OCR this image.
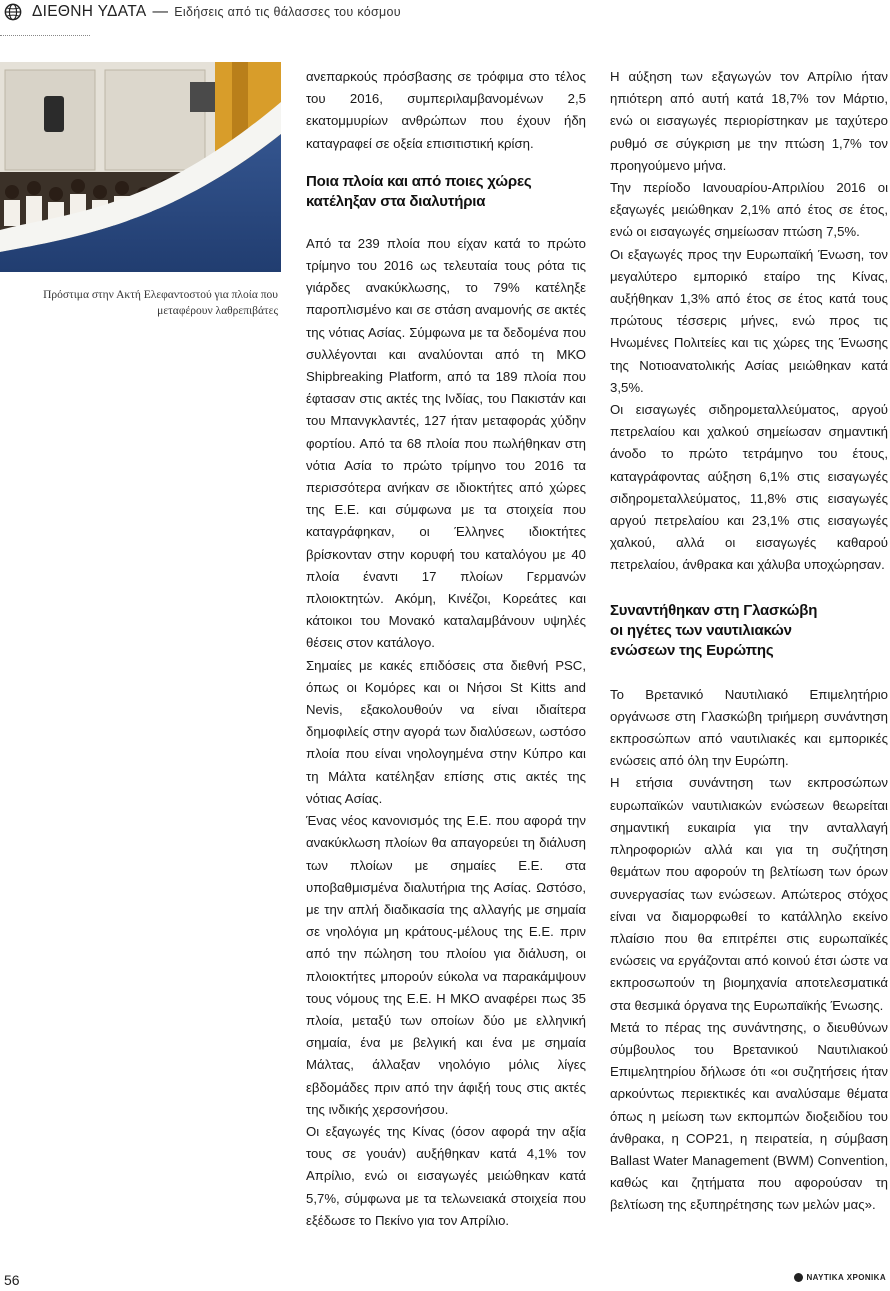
ΔΙΕΘΝΗ ΥΔΑΤΑ — Ειδήσεις από τις θάλασσες του κόσμου
Πρόστιμα στην Ακτή Ελεφαντοστού για πλοία που
μεταφέρουν λαθρεπιβάτες

ανεπαρκούς πρόσβασης σε τρόφιμα στο τέλος του 2016, συμπεριλαμβανομένων 2,5 εκατομμυρίων ανθρώπων που έχουν ήδη καταγραφεί σε οξεία επισιτιστική κρίση.

Ποια πλοία και από ποιες χώρες
κατέληξαν στα διαλυτήρια

Από τα 239 πλοία που είχαν κατά το πρώτο τρίμηνο του 2016 ως τελευταία τους ρότα τις γιάρδες ανακύκλωσης, το 79% κατέληξε παροπλισμένο και σε στάση αναμονής σε ακτές της νότιας Ασίας. Σύμφωνα με τα δεδομένα που συλλέγονται και αναλύονται από τη ΜΚΟ Shipbreaking Platform, από τα 189 πλοία που έφτασαν στις ακτές της Ινδίας, του Πακιστάν και του Μπανγκλαντές, 127 ήταν μεταφοράς χύδην φορτίου. Από τα 68 πλοία που πωλήθηκαν στη νότια Ασία το πρώτο τρίμηνο του 2016 τα περισσότερα ανήκαν σε ιδιοκτήτες από χώρες της Ε.Ε. και σύμφωνα με τα στοιχεία που καταγράφηκαν, οι Έλληνες ιδιοκτήτες βρίσκονταν στην κορυφή του καταλόγου με 40 πλοία έναντι 17 πλοίων Γερμανών πλοιοκτητών. Ακόμη, Κινέζοι, Κορεάτες και κάτοικοι του Μονακό καταλαμβάνουν υψηλές θέσεις στον κατάλογο.

Σημαίες με κακές επιδόσεις στα διεθνή PSC, όπως οι Κομόρες και οι Νήσοι St Kitts and Nevis, εξακολουθούν να είναι ιδιαίτερα δημοφιλείς στην αγορά των διαλύσεων, ωστόσο πλοία που είναι νηολογημένα στην Κύπρο και τη Μάλτα κατέληξαν επίσης στις ακτές της νότιας Ασίας.

Ένας νέος κανονισμός της Ε.Ε. που αφορά την ανακύκλωση πλοίων θα απαγορεύει τη διάλυση των πλοίων με σημαίες Ε.Ε. στα υποβαθμισμένα διαλυτήρια της Ασίας. Ωστόσο, με την απλή διαδικασία της αλλαγής με σημαία σε νηολόγια μη κράτους-μέλους της Ε.Ε. πριν από την πώληση του πλοίου για διάλυση, οι πλοιοκτήτες μπορούν εύκολα να παρακάμψουν τους νόμους της Ε.Ε. Η ΜΚΟ αναφέρει πως 35 πλοία, μεταξύ των οποίων δύο με ελληνική σημαία, ένα με βελγική και ένα με σημαία Μάλτας, άλλαξαν νηολόγιο μόλις λίγες εβδομάδες πριν από την άφιξή τους στις ακτές της ινδικής χερσονήσου.

Οι εξαγωγές της Κίνας (όσον αφορά την αξία τους σε γουάν) αυξήθηκαν κατά 4,1% τον Απρίλιο, ενώ οι εισαγωγές μειώθηκαν κατά 5,7%, σύμφωνα με τα τελωνειακά στοιχεία που εξέδωσε το Πεκίνο για τον Απρίλιο.

Η αύξηση των εξαγωγών τον Απρίλιο ήταν ηπιότερη από αυτή κατά 18,7% τον Μάρτιο, ενώ οι εισαγωγές περιορίστηκαν με ταχύτερο ρυθμό σε σύγκριση με την πτώση 1,7% τον προηγούμενο μήνα.

Την περίοδο Ιανουαρίου-Απριλίου 2016 οι εξαγωγές μειώθηκαν 2,1% από έτος σε έτος, ενώ οι εισαγωγές σημείωσαν πτώση 7,5%.

Οι εξαγωγές προς την Ευρωπαϊκή Ένωση, τον μεγαλύτερο εμπορικό εταίρο της Κίνας, αυξήθηκαν 1,3% από έτος σε έτος κατά τους πρώτους τέσσερις μήνες, ενώ προς τις Ηνωμένες Πολιτείες και τις χώρες της Ένωσης της Νοτιοανατολικής Ασίας μειώθηκαν κατά 3,5%.

Οι εισαγωγές σιδηρομεταλλεύματος, αργού πετρελαίου και χαλκού σημείωσαν σημαντική άνοδο το πρώτο τετράμηνο του έτους, καταγράφοντας αύξηση 6,1% στις εισαγωγές σιδηρομεταλλεύματος, 11,8% στις εισαγωγές αργού πετρελαίου και 23,1% στις εισαγωγές χαλκού, αλλά οι εισαγωγές καθαρού πετρελαίου, άνθρακα και χάλυβα υποχώρησαν.

Συναντήθηκαν στη Γλασκώβη
οι ηγέτες των ναυτιλιακών
ενώσεων της Ευρώπης

Το Βρετανικό Ναυτιλιακό Επιμελητήριο οργάνωσε στη Γλασκώβη τριήμερη συνάντηση εκπροσώπων από ναυτιλιακές και εμπορικές ενώσεις από όλη την Ευρώπη.

Η ετήσια συνάντηση των εκπροσώπων ευρωπαϊκών ναυτιλιακών ενώσεων θεωρείται σημαντική ευκαιρία για την ανταλλαγή πληροφοριών αλλά και για τη συζήτηση θεμάτων που αφορούν τη βελτίωση των όρων συνεργασίας των ενώσεων. Απώτερος στόχος είναι να διαμορφωθεί το κατάλληλο εκείνο πλαίσιο που θα επιτρέπει στις ευρωπαϊκές ενώσεις να εργάζονται από κοινού έτσι ώστε να εκπροσωπούν τη βιομηχανία αποτελεσματικά στα θεσμικά όργανα της Ευρωπαϊκής Ένωσης.

Μετά το πέρας της συνάντησης, ο διευθύνων σύμβουλος του Βρετανικού Ναυτιλιακού Επιμελητηρίου δήλωσε ότι «οι συζητήσεις ήταν αρκούντως περιεκτικές και αναλύσαμε θέματα όπως η μείωση των εκπομπών διοξειδίου του άνθρακα, η COP21, η πειρατεία, η σύμβαση Ballast Water Management (BWM) Convention, καθώς και ζητήματα που αφορούσαν τη βελτίωση της εξυπηρέτησης των μελών μας».

56	ΝΑΥΤΙΚΑ ΧΡΟΝΙΚΑ
